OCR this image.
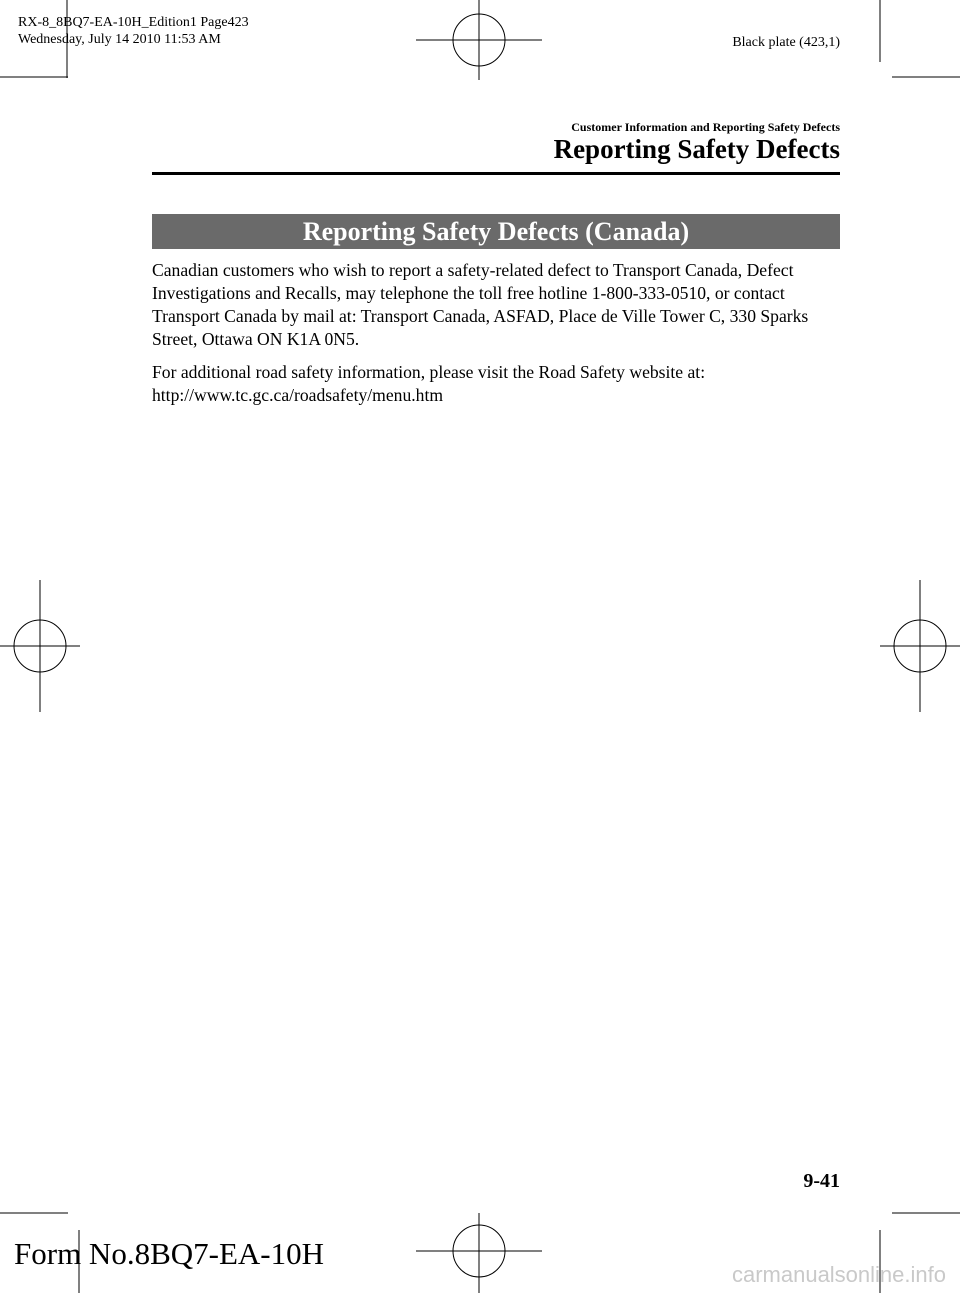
RX-8_8BQ7-EA-10H_Edition1 Page423
Wednesday, July 14 2010 11:53 AM	Black plate (423,1)
Customer Information and Reporting Safety Defects
Reporting Safety Defects
Reporting Safety Defects (Canada)
Canadian customers who wish to report a safety-related defect to Transport Canada, Defect Investigations and Recalls, may telephone the toll free hotline 1-800-333-0510, or contact Transport Canada by mail at: Transport Canada, ASFAD, Place de Ville Tower C, 330 Sparks Street, Ottawa ON K1A 0N5.
For additional road safety information, please visit the Road Safety website at: http://www.tc.gc.ca/roadsafety/menu.htm
9-41
Form No.8BQ7-EA-10H
carmanualsonline.info
